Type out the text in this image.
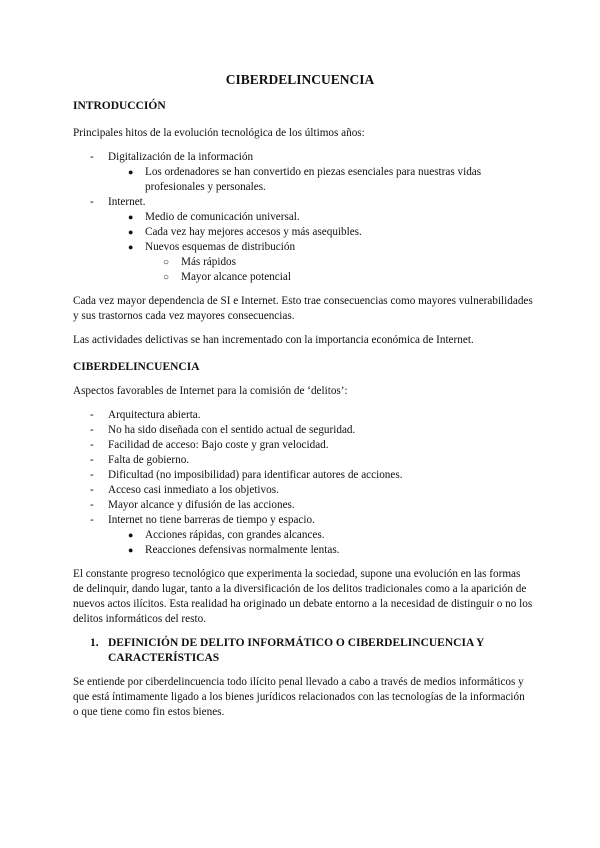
CIBERDELINCUENCIA
INTRODUCCIÓN
Principales hitos de la evolución tecnológica de los últimos años:
- Digitalización de la información
● Los ordenadores se han convertido en piezas esenciales para nuestras vidas profesionales y personales.
- Internet.
● Medio de comunicación universal.
● Cada vez hay mejores accesos y más asequibles.
● Nuevos esquemas de distribución
○ Más rápidos
○ Mayor alcance potencial
Cada vez mayor dependencia de SI e Internet. Esto trae consecuencias como mayores vulnerabilidades y sus trastornos cada vez mayores consecuencias.
Las actividades delictivas se han incrementado con la importancia económica de Internet.
CIBERDELINCUENCIA
Aspectos favorables de Internet para la comisión de ‘delitos’:
- Arquitectura abierta.
- No ha sido diseñada con el sentido actual de seguridad.
- Facilidad de acceso: Bajo coste y gran velocidad.
- Falta de gobierno.
- Dificultad (no imposibilidad) para identificar autores de acciones.
- Acceso casi inmediato a los objetivos.
- Mayor alcance y difusión de las acciones.
- Internet no tiene barreras de tiempo y espacio.
● Acciones rápidas, con grandes alcances.
● Reacciones defensivas normalmente lentas.
El constante progreso tecnológico que experimenta la sociedad, supone una evolución en las formas de delinquir, dando lugar, tanto a la diversificación de los delitos tradicionales como a la aparición de nuevos actos ilícitos. Esta realidad ha originado un debate entorno a la necesidad de distinguir o no los delitos informáticos del resto.
1. DEFINICIÓN DE DELITO INFORMÁTICO O CIBERDELINCUENCIA Y CARACTERÍSTICAS
Se entiende por ciberdelincuencia todo ilícito penal llevado a cabo a través de medios informáticos y que está íntimamente ligado a los bienes jurídicos relacionados con las tecnologías de la información o que tiene como fin estos bienes.
